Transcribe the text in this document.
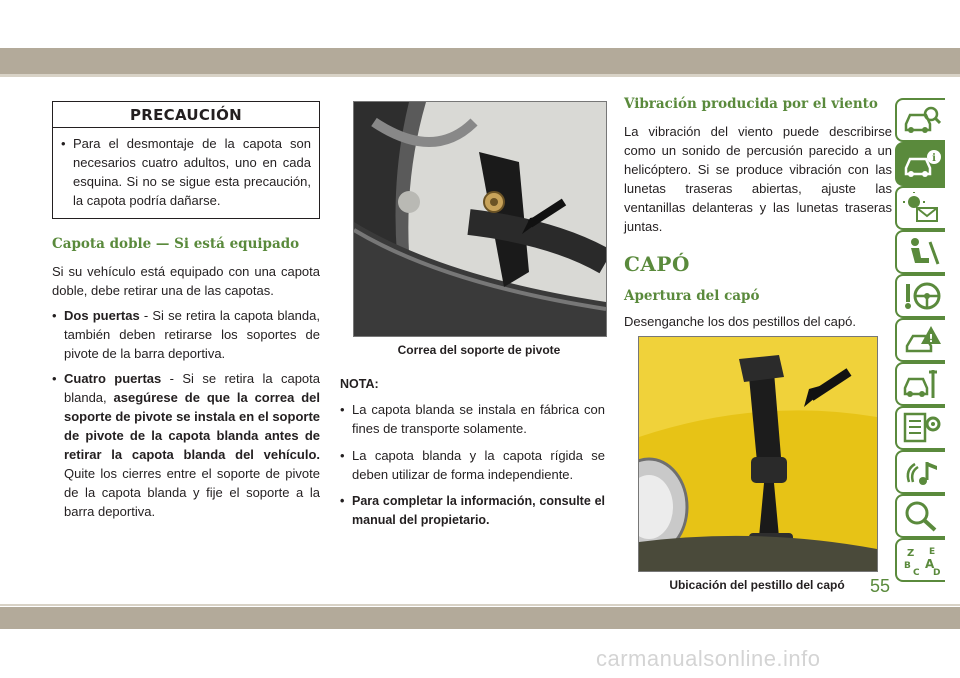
PRECAUCIÓN

• Para el desmontaje de la capota son necesarios cuatro adultos, uno en cada esquina. Si no se sigue esta precaución, la capota podría dañarse.

Capota doble — Si está equipado

Si su vehículo está equipado con una capota doble, debe retirar una de las capotas.

• Dos puertas - Si se retira la capota blanda, también deben retirarse los soportes de pivote de la barra deportiva.

• Cuatro puertas - Si se retira la capota blanda, asegúrese de que la correa del soporte de pivote se instala en el soporte de pivote de la capota blanda antes de retirar la capota blanda del vehículo. Quite los cierres entre el soporte de pivote de la capota blanda y fije el soporte a la barra deportiva.

Correa del soporte de pivote

NOTA:

• La capota blanda se instala en fábrica con fines de transporte solamente.

• La capota blanda y la capota rígida se deben utilizar de forma independiente.

• Para completar la información, consulte el manual del propietario.

Vibración producida por el viento

La vibración del viento puede describirse como un sonido de percusión parecido a un helicóptero. Si se produce vibración con las lunetas traseras abiertas, ajuste las ventanillas delanteras y las lunetas traseras juntas.

CAPÓ
Apertura del capó

Desenganche los dos pestillos del capó.

Ubicación del pestillo del capó
i
!
Z E
B A
C D
55
carmanualsonline.info
